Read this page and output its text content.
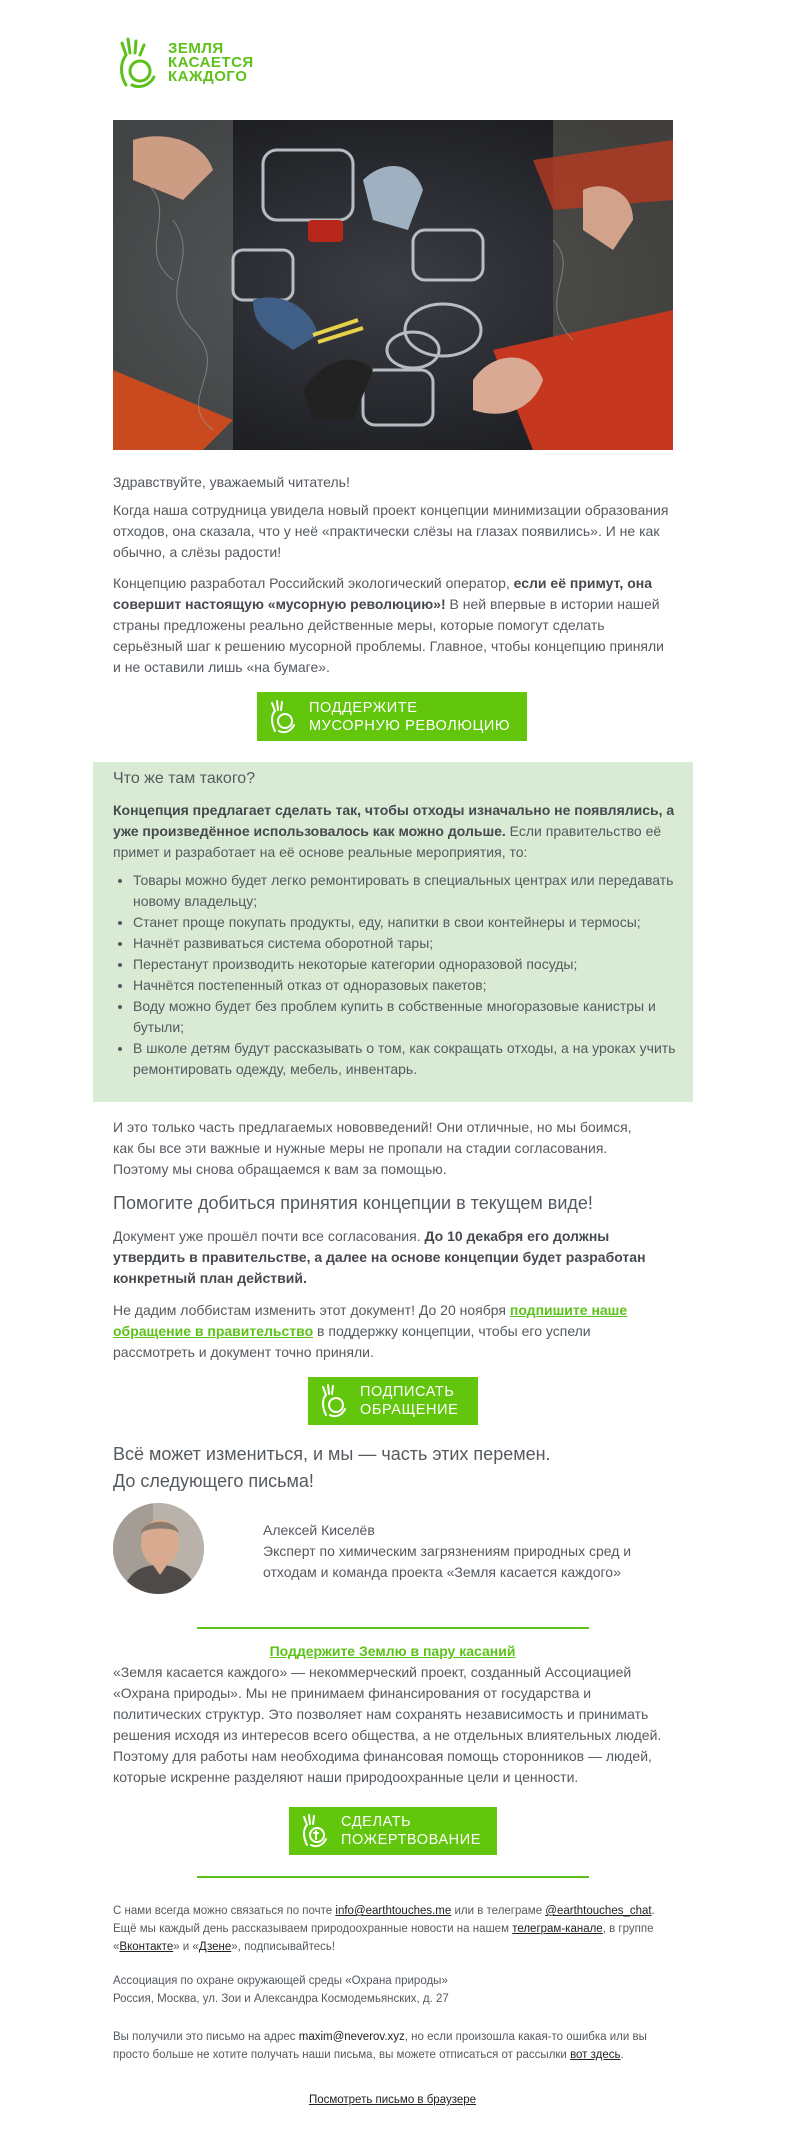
ЗЕМЛЯ
КАСАЕТСЯ
КАЖДОГО

Здравствуйте, уважаемый читатель!

Когда наша сотрудница увидела новый проект концепции минимизации образования отходов, она сказала, что у неё «практически слёзы на глазах появились». И не как обычно, а слёзы радости!

Концепцию разработал Российский экологический оператор, если её примут, она совершит настоящую «мусорную революцию»! В ней впервые в истории нашей страны предложены реально действенные меры, которые помогут сделать серьёзный шаг к решению мусорной проблемы. Главное, чтобы концепцию приняли и не оставили лишь «на бумаге».

ПОДДЕРЖИТЕ
МУСОРНУЮ РЕВОЛЮЦИЮ
Что же там такого?

Концепция предлагает сделать так, чтобы отходы изначально не появлялись, а уже произведённое использовалось как можно дольше. Если правительство её примет и разработает на её основе реальные мероприятия, то:

• Товары можно будет легко ремонтировать в специальных центрах или передавать новому владельцу;
• Станет проще покупать продукты, еду, напитки в свои контейнеры и термосы;
• Начнёт развиваться система оборотной тары;
• Перестанут производить некоторые категории одноразовой посуды;
• Начнётся постепенный отказ от одноразовых пакетов;
• Воду можно будет без проблем купить в собственные многоразовые канистры и бутыли;
• В школе детям будут рассказывать о том, как сокращать отходы, а на уроках учить ремонтировать одежду, мебель, инвентарь.

И это только часть предлагаемых нововведений! Они отличные, но мы боимся, как бы все эти важные и нужные меры не пропали на стадии согласования. Поэтому мы снова обращаемся к вам за помощью.

Помогите добиться принятия концепции в текущем виде!

Документ уже прошёл почти все согласования. До 10 декабря его должны утвердить в правительстве, а далее на основе концепции будет разработан конкретный план действий.

Не дадим лоббистам изменить этот документ! До 20 ноября подпишите наше обращение в правительство в поддержку концепции, чтобы его успели рассмотреть и документ точно приняли.

ПОДПИСАТЬ
ОБРАЩЕНИЕ

Всё может измениться, и мы — часть этих перемен.

До следующего письма!

Алексей Киселёв
Эксперт по химическим загрязнениям природных сред и отходам и команда проекта «Земля касается каждого»
Поддержите Землю в пару касаний

«Земля касается каждого» — некоммерческий проект, созданный Ассоциацией «Охрана природы». Мы не принимаем финансирования от государства и политических структур. Это позволяет нам сохранять независимость и принимать решения исходя из интересов всего общества, а не отдельных влиятельных людей. Поэтому для работы нам необходима финансовая помощь сторонников — людей, которые искренне разделяют наши природоохранные цели и ценности.

СДЕЛАТЬ
ПОЖЕРТВОВАНИЕ
С нами всегда можно связаться по почте info@earthtouches.me или в телеграме @earthtouches_chat. Ещё мы каждый день рассказываем природоохранные новости на нашем телеграм-канале, в группе «Вконтакте» и «Дзене», подписывайтесь!
Ассоциация по охране окружающей среды «Охрана природы»
Россия, Москва, ул. Зои и Александра Космодемьянских, д. 27
Вы получили это письмо на адрес maxim@neverov.xyz, но если произошла какая-то ошибка или вы просто больше не хотите получать наши письма, вы можете отписаться от рассылки вот здесь.
Посмотреть письмо в браузере
